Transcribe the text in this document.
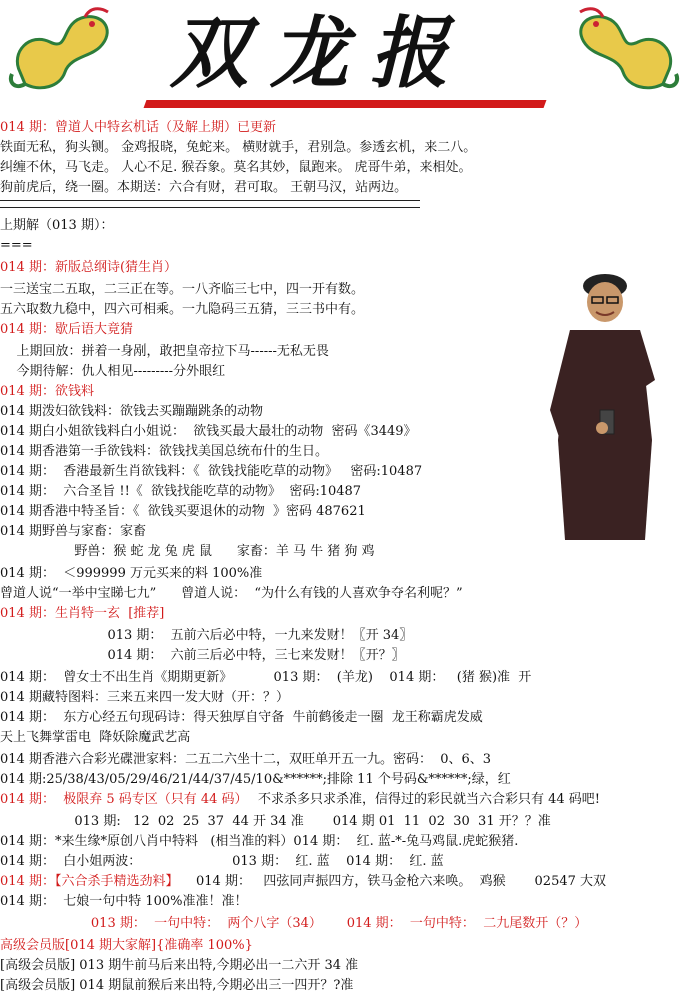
双龙报
014 期：曾道人中特玄机话（及解上期）已更新
铁面无私，狗头铡。 金鸡报晓，兔蛇来。 横财就手，君别急。参透玄机，来二八。
纠缠不休，马飞走。 人心不足. 猴吞象。莫名其妙，鼠跑来。 虎哥牛弟，来相处。
狗前虎后，绕一圈。本期送：六合有财，君可取。 王朝马汉，站两边。
上期解（013 期）：
===
014 期：新版总纲诗(猜生肖）
一三送宝二五取，二三正在等。一八齐临三七中，四一开有数。
五六取数九稳中，四六可相乘。一九隐码三五猜，三三书中有。
014 期：歇后语大竟猜
上期回放：拼着一身剐，敢把皇帝拉下马------无私无畏
今期待解：仇人相见---------分外眼红
014 期：欲钱料
014 期泼妇欲钱料：欲钱去买蹦蹦跳条的动物
014 期白小姐欲钱料白小姐说：  欲钱买最大最壮的动物  密码《3449》
014 期香港第一手欲钱料：欲钱找美国总统布什的生日。
014 期：  香港最新生肖欲钱料：《  欲钱找能吃草的动物》   密码:10487
014 期：  六合圣旨 !!《  欲钱找能吃草的动物》  密码:10487
014 期香港中特圣旨：《  欲钱买要退休的动物  》密码 487621
014 期野兽与家畜：家畜
野兽：猴 蛇 龙 兔 虎 鼠      家畜：羊 马 牛 猪 狗 鸡
014 期：  ＜999999 万元买来的料 100%准
曾道人说“一举中宝睇七九”      曾道人说：  “为什么有钱的人喜欢争夺名利呢？”
014 期：生肖特一玄  [推荐]
013 期：  五前六后必中特，一九来发财！〖开 34〗
014 期：  六前三后必中特，三七来发财！〖开？〗
014 期：  曾女士不出生肖《期期更新》          013 期：  (羊龙)    014 期：   (猪 猴)准  开
014 期藏特图料：三来五来四一发大财（开：？）
014 期：  东方心经五句现码诗：得天独厚自守备  牛前鹤後走一圈  龙王称霸虎发威
天上飞舞掌雷电  降妖除魔武艺高
014 期香港六合彩光碟泄家料：二五二六坐十二，双旺单开五一九。密码：  0、6、3
014 期:25/38/43/05/29/46/21/44/37/45/10&******;排除 11 个号码&******;绿，红
014 期：  极限弃 5 码专区（只有 44 码） 不求杀多只求杀准，信得过的彩民就当六合彩只有 44 码吧!
013 期:   12  02  25  37  44 开 34 准       014 期 01  11  02  30  31 开？？准
014 期：*来生缘*原创八肖中特料   (相当准的料）014 期：  红. 蓝-*-兔马鸡鼠.虎蛇猴猪.
014 期：  白小姐两波：                      013 期：  红. 蓝    014 期：  红. 蓝
014 期：【六合杀手精选劲料】 014 期：   四弦同声振四方，铁马金枪六来唤。  鸡猴       02547 大双
014 期：  七娘一句中特 100%准准！准！
013 期：  一句中特：  两个八字（34）      014 期：  一句中特：  二九尾数开（？）
高级会员版[014 期大家解]{准确率 100%}
[高级会员版] 013 期牛前马后来出特,今期必出一二六开 34 准
[高级会员版] 014 期鼠前猴后来出特,今期必出三一四开？?准
